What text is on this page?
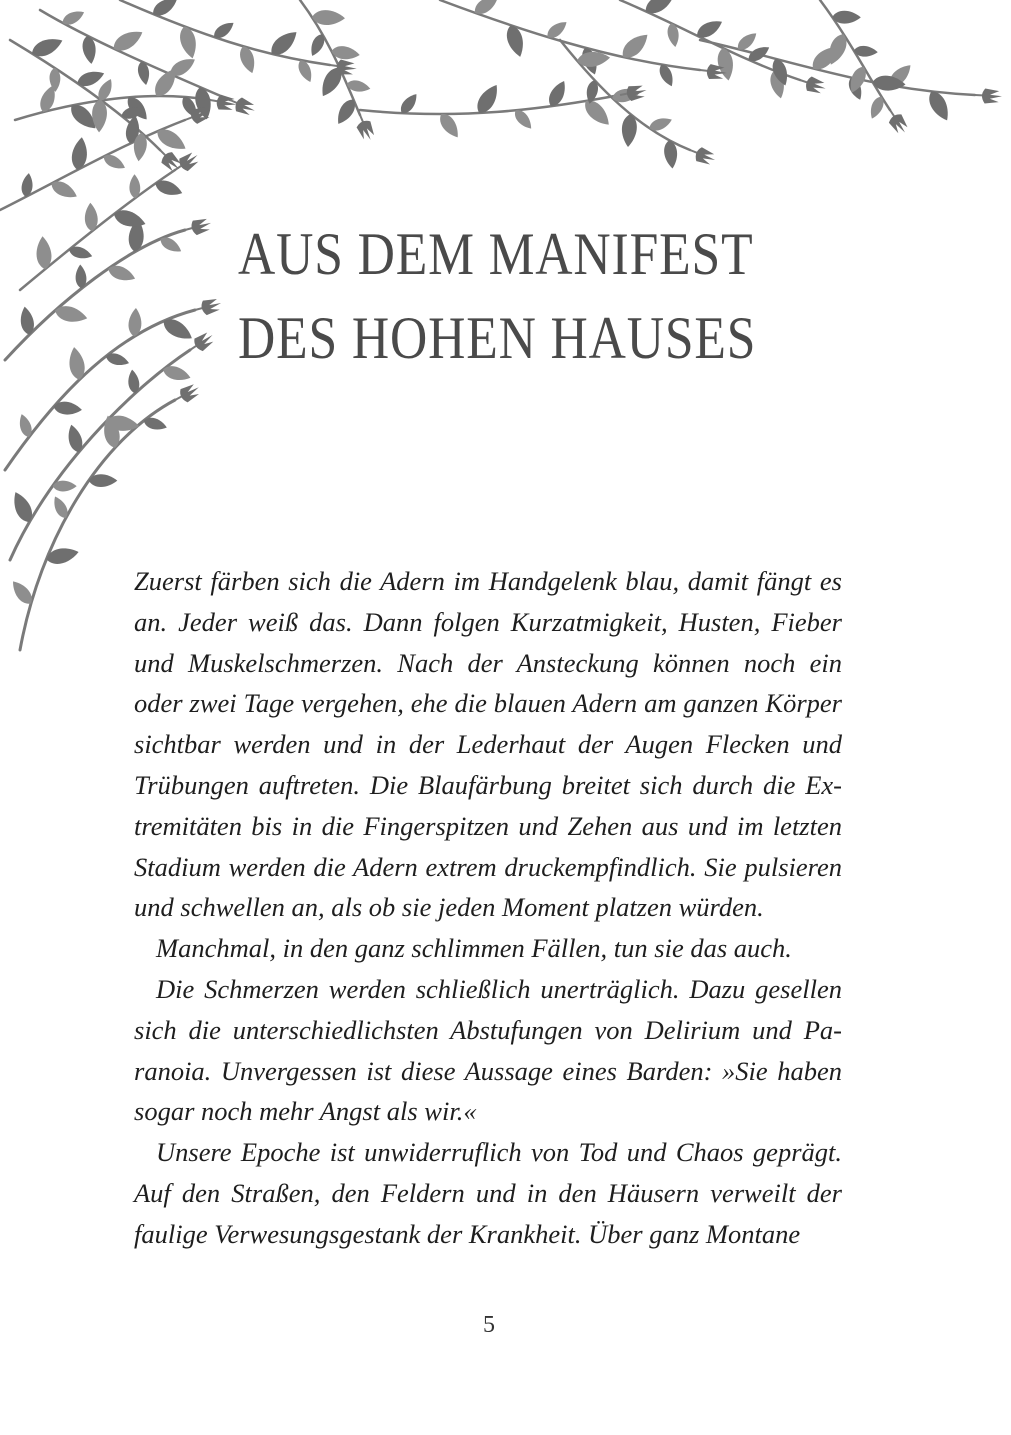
AUS DEM MANIFEST
DES HOHEN HAUSES

Zuerst färben sich die Adern im Handgelenk blau, damit fängt es an. Jeder weiß das. Dann folgen Kurzatmigkeit, Husten, Fieber und Muskelschmerzen. Nach der Ansteckung können noch ein oder zwei Tage vergehen, ehe die blauen Adern am ganzen Körper sichtbar werden und in der Lederhaut der Augen Flecken und Trübungen auftreten. Die Blaufärbung breitet sich durch die Extremitäten bis in die Fingerspitzen und Zehen aus und im letzten Stadium werden die Adern extrem druckempfindlich. Sie pulsieren und schwellen an, als ob sie jeden Moment platzen würden.

Manchmal, in den ganz schlimmen Fällen, tun sie das auch.

Die Schmerzen werden schließlich unerträglich. Dazu gesellen sich die unterschiedlichsten Abstufungen von Delirium und Paranoia. Unvergessen ist diese Aussage eines Barden: »Sie haben sogar noch mehr Angst als wir.«

Unsere Epoche ist unwiderruflich von Tod und Chaos geprägt. Auf den Straßen, den Feldern und in den Häusern verweilt der faulige Verwesungsgestank der Krankheit. Über ganz Montane

5
